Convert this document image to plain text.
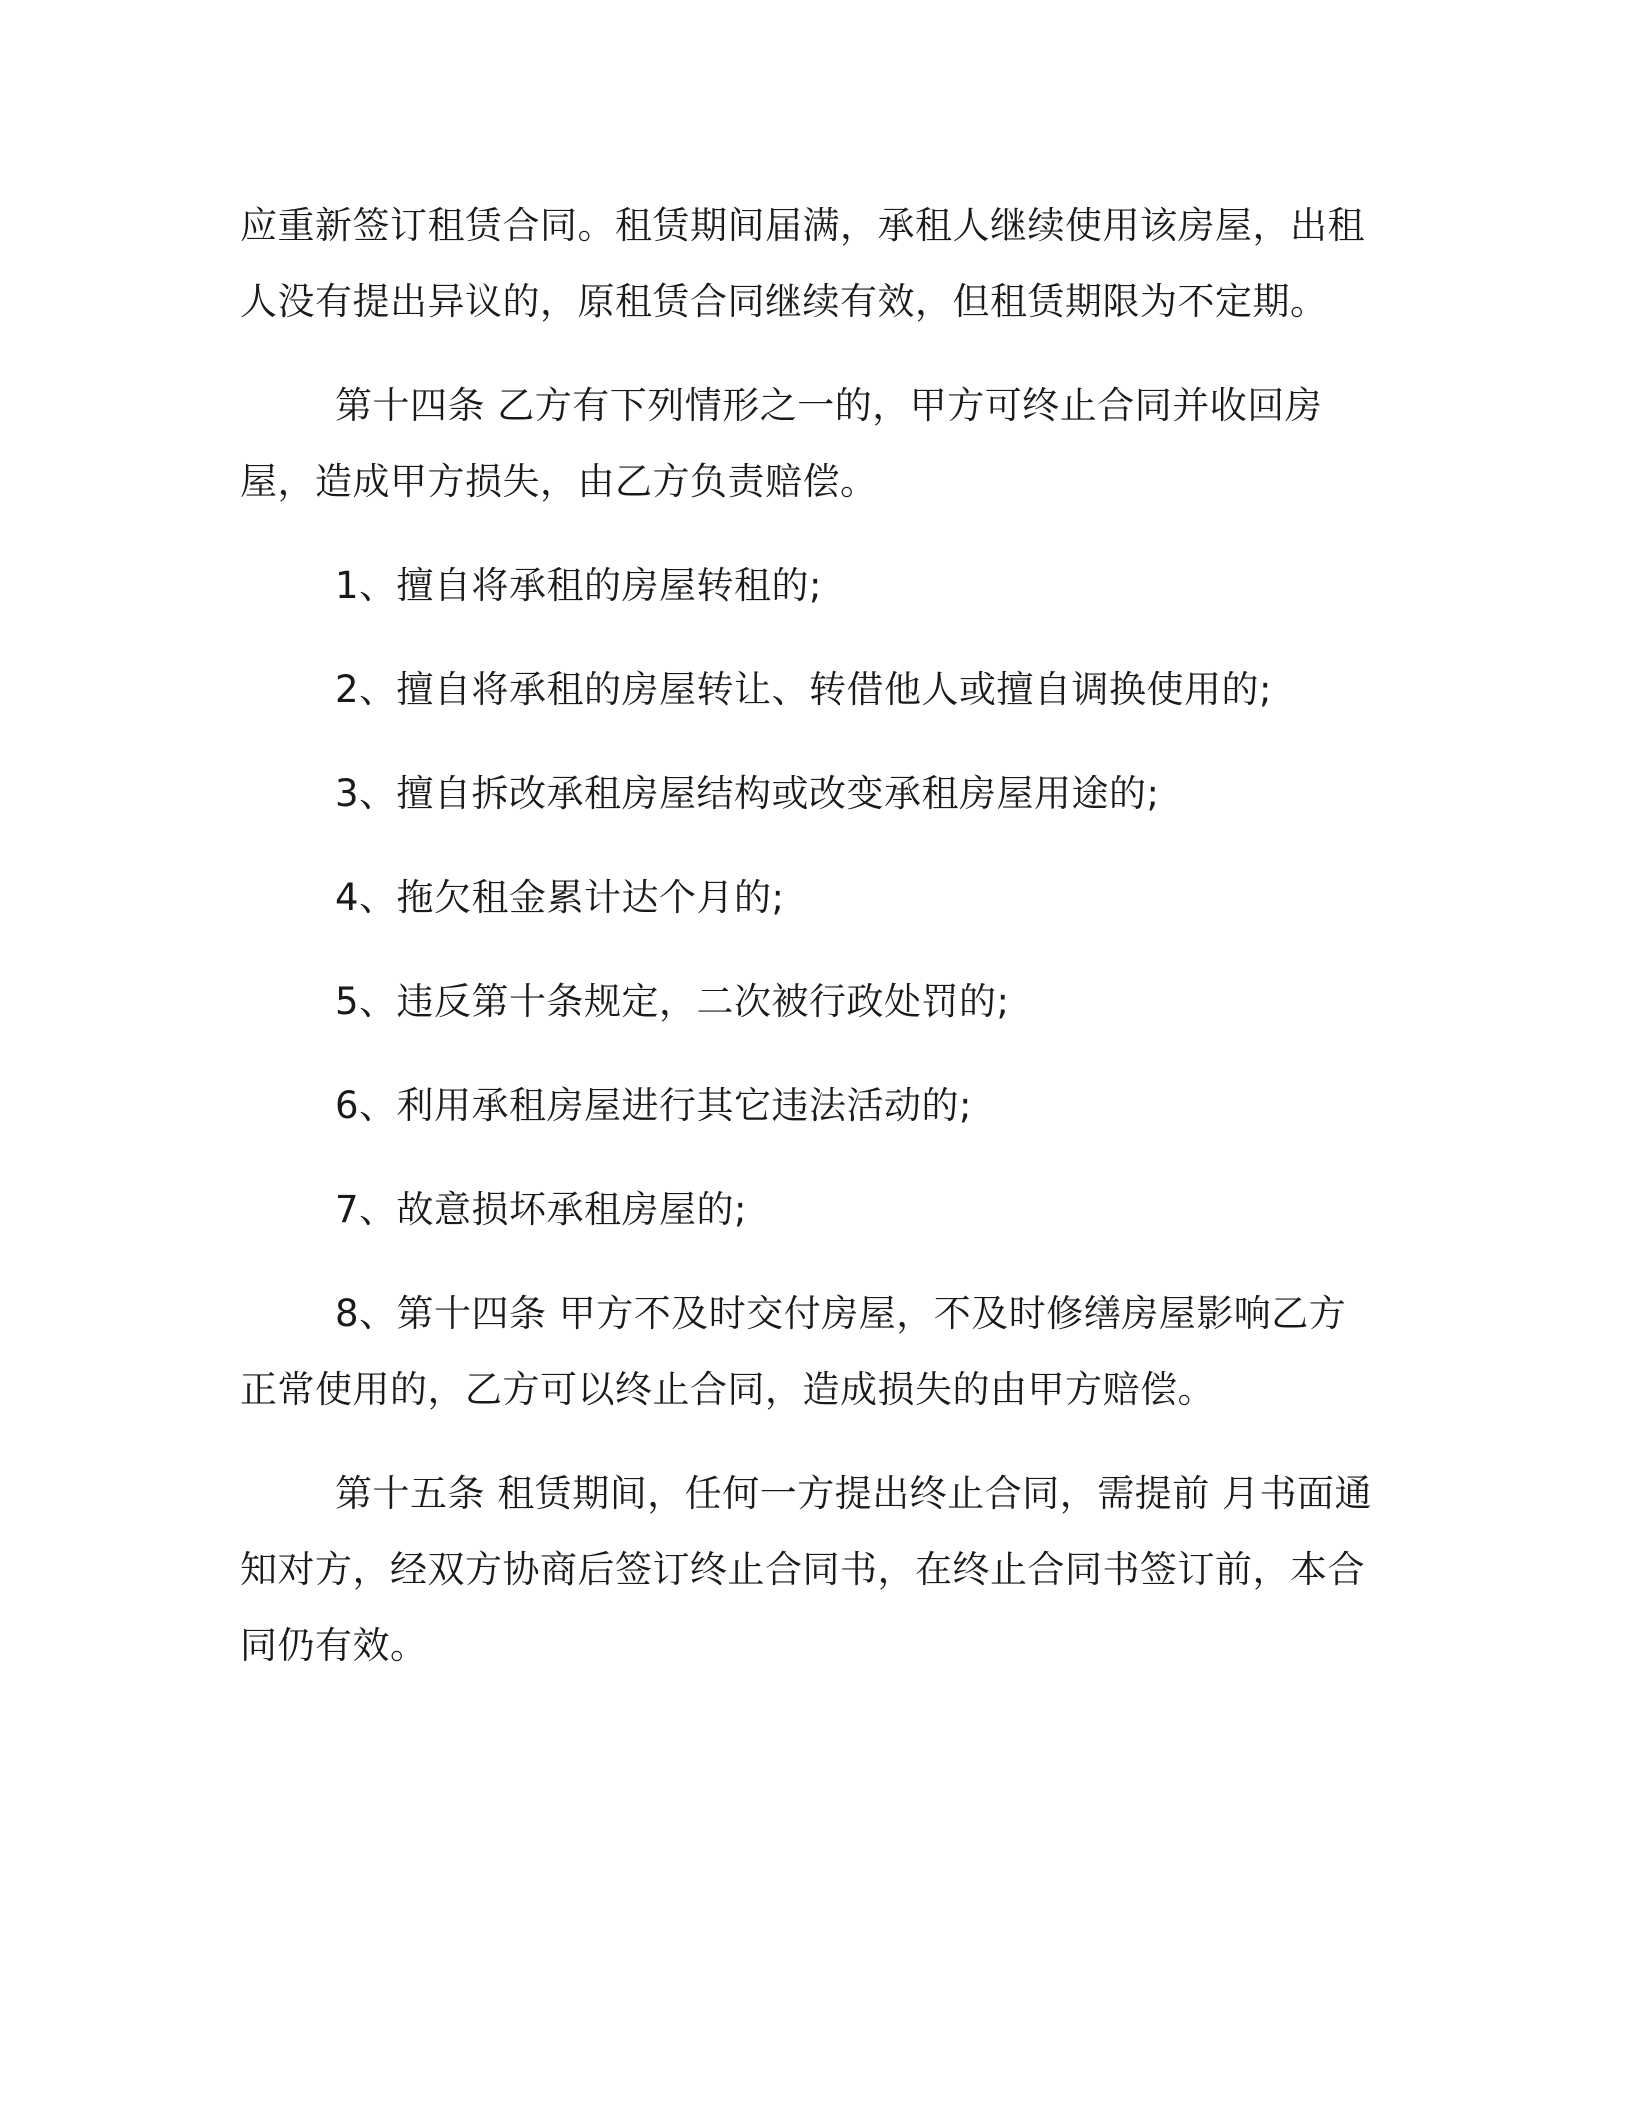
应重新签订租赁合同。租赁期间届满，承租人继续使用该房屋，出租人没有提出异议的，原租赁合同继续有效，但租赁期限为不定期。

第十四条 乙方有下列情形之一的，甲方可终止合同并收回房屋，造成甲方损失，由乙方负责赔偿。

1、擅自将承租的房屋转租的;

2、擅自将承租的房屋转让、转借他人或擅自调换使用的;

3、擅自拆改承租房屋结构或改变承租房屋用途的;

4、拖欠租金累计达个月的;

5、违反第十条规定，二次被行政处罚的;

6、利用承租房屋进行其它违法活动的;

7、故意损坏承租房屋的;

8、第十四条 甲方不及时交付房屋，不及时修缮房屋影响乙方正常使用的，乙方可以终止合同，造成损失的由甲方赔偿。

第十五条 租赁期间，任何一方提出终止合同，需提前 月书面通知对方，经双方协商后签订终止合同书，在终止合同书签订前，本合同仍有效。
